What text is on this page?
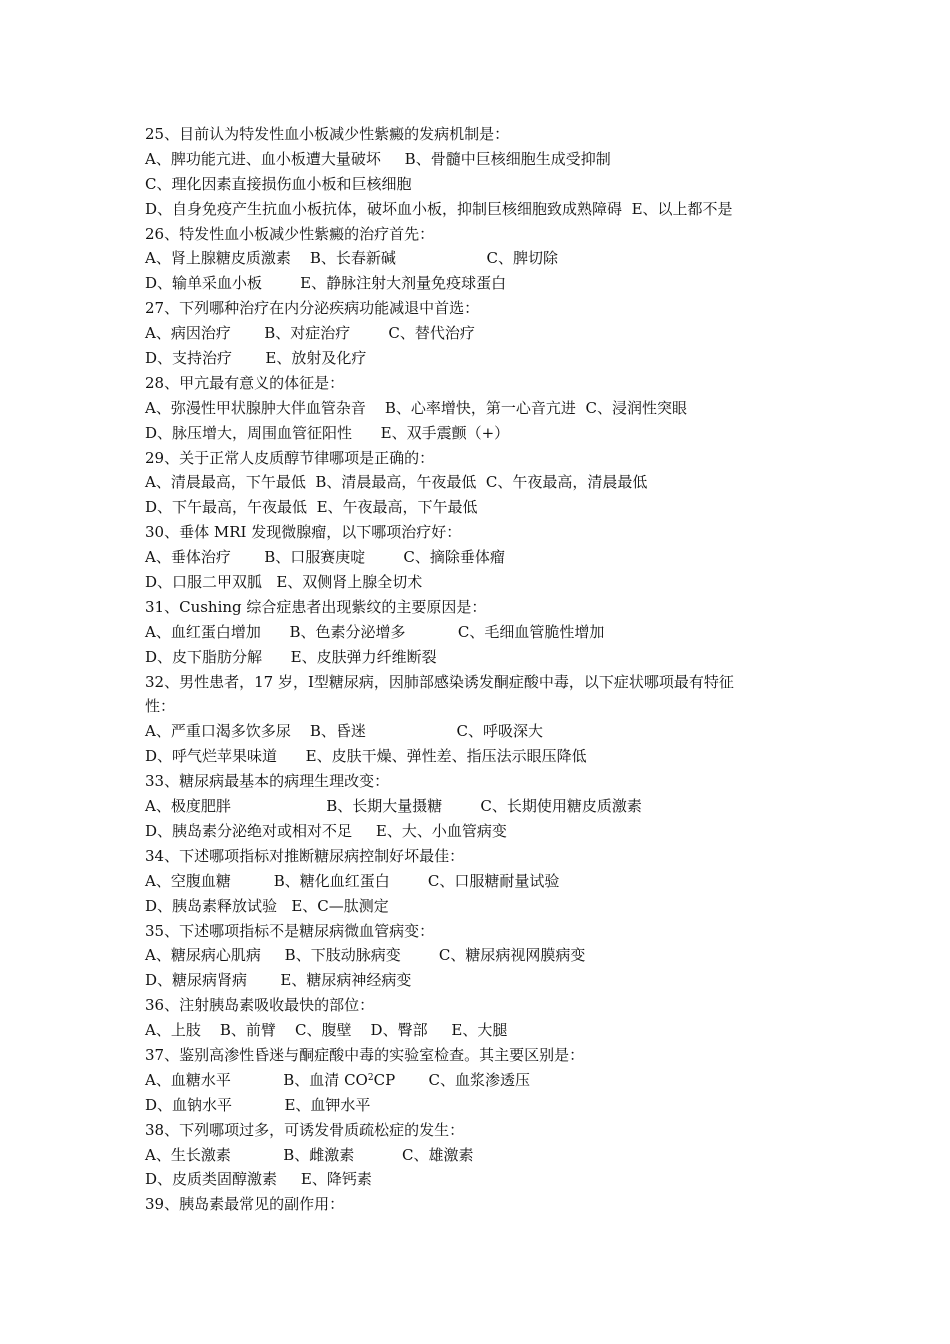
25、目前认为特发性血小板减少性紫癜的发病机制是：
A、脾功能亢进、血小板遭大量破坏     B、骨髓中巨核细胞生成受抑制
C、理化因素直接损伤血小板和巨核细胞
D、自身免疫产生抗血小板抗体，破坏血小板，抑制巨核细胞致成熟障碍  E、以上都不是
26、特发性血小板减少性紫癜的治疗首先：
A、肾上腺糖皮质激素    B、长春新碱                   C、脾切除
D、输单采血小板        E、静脉注射大剂量免疫球蛋白
27、下列哪种治疗在内分泌疾病功能减退中首选：
A、病因治疗       B、对症治疗        C、替代治疗
D、支持治疗       E、放射及化疗
28、甲亢最有意义的体征是：
A、弥漫性甲状腺肿大伴血管杂音    B、心率增快，第一心音亢进  C、浸润性突眼
D、脉压增大，周围血管征阳性      E、双手震颤（+）
29、关于正常人皮质醇节律哪项是正确的：
A、清晨最高，下午最低  B、清晨最高，午夜最低  C、午夜最高，清晨最低
D、下午最高，午夜最低  E、午夜最高，下午最低
30、垂体 MRI 发现微腺瘤，以下哪项治疗好：
A、垂体治疗       B、口服赛庚啶        C、摘除垂体瘤
D、口服二甲双胍   E、双侧肾上腺全切术
31、Cushing 综合症患者出现紫纹的主要原因是：
A、血红蛋白增加      B、色素分泌增多           C、毛细血管脆性增加
D、皮下脂肪分解      E、皮肤弹力纤维断裂
32、男性患者，17 岁，Ⅰ型糖尿病，因肺部感染诱发酮症酸中毒，以下症状哪项最有特征
性：
A、严重口渴多饮多尿    B、昏迷                   C、呼吸深大
D、呼气烂苹果味道      E、皮肤干燥、弹性差、指压法示眼压降低
33、糖尿病最基本的病理生理改变：
A、极度肥胖                    B、长期大量摄糖        C、长期使用糖皮质激素
D、胰岛素分泌绝对或相对不足     E、大、小血管病变
34、下述哪项指标对推断糖尿病控制好坏最佳：
A、空腹血糖         B、糖化血红蛋白        C、口服糖耐量试验
D、胰岛素释放试验   E、C—肽测定
35、下述哪项指标不是糖尿病微血管病变：
A、糖尿病心肌病     B、下肢动脉病变        C、糖尿病视网膜病变
D、糖尿病肾病       E、糖尿病神经病变
36、注射胰岛素吸收最快的部位：
A、上肢    B、前臂    C、腹壁    D、臀部     E、大腿
37、鉴别高渗性昏迷与酮症酸中毒的实验室检查。其主要区别是：
A、血糖水平           B、血清 $CO^2CP$       C、血浆渗透压
D、血钠水平           E、血钾水平
38、下列哪项过多，可诱发骨质疏松症的发生：
A、生长激素           B、雌激素          C、雄激素
D、皮质类固醇激素     E、降钙素
39、胰岛素最常见的副作用：
